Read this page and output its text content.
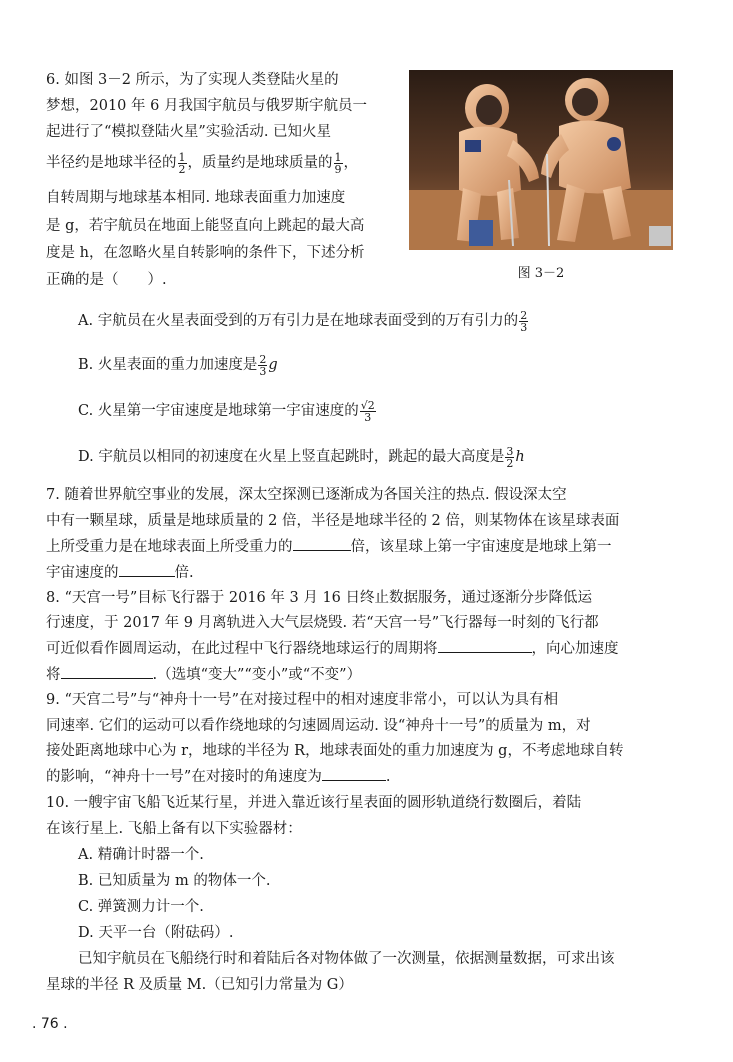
6. 如图 3－2 所示，为了实现人类登陆火星的
梦想，2010 年 6 月我国宇航员与俄罗斯宇航员一
起进行了“模拟登陆火星”实验活动. 已知火星
半径约是地球半径的 $\frac{1}{2}$ ，质量约是地球质量的 $\frac{1}{9}$ ，
自转周期与地球基本相同. 地球表面重力加速度
是 g，若宇航员在地面上能竖直向上跳起的最大高
度是 h，在忽略火星自转影响的条件下，下述分析
正确的是（　　）.	图 3－2
A. 宇航员在火星表面受到的万有引力是在地球表面受到的万有引力的 $\frac{2}{3}$
B. 火星表面的重力加速度是 $\frac{2}{3}$ g
C. 火星第一宇宙速度是地球第一宇宙速度的 $\frac{√2}{3}$
D. 宇航员以相同的初速度在火星上竖直起跳时，跳起的最大高度是 $\frac{3}{2}$ h
7. 随着世界航空事业的发展，深太空探测已逐渐成为各国关注的热点. 假设深太空
中有一颗星球，质量是地球质量的 2 倍，半径是地球半径的 2 倍，则某物体在该星球表面
上所受重力是在地球表面上所受重力的	倍，该星球上第一宇宙速度是地球上第一
宇宙速度的	倍.
8. “天宫一号”目标飞行器于 2016 年 3 月 16 日终止数据服务，通过逐渐分步降低运
行速度，于 2017 年 9 月离轨进入大气层烧毁. 若“天宫一号”飞行器每一时刻的飞行都
可近似看作圆周运动，在此过程中飞行器绕地球运行的周期将	，向心加速度
将	.（选填“变大”“变小”或“不变”）
9. “天宫二号”与“神舟十一号”在对接过程中的相对速度非常小，可以认为具有相
同速率. 它们的运动可以看作绕地球的匀速圆周运动. 设“神舟十一号”的质量为 m，对
接处距离地球中心为 r，地球的半径为 R，地球表面处的重力加速度为 g，不考虑地球自转
的影响，“神舟十一号”在对接时的角速度为	.
10. 一艘宇宙飞船飞近某行星，并进入靠近该行星表面的圆形轨道绕行数圈后，着陆
在该行星上. 飞船上备有以下实验器材：
A. 精确计时器一个.
B. 已知质量为 m 的物体一个.
C. 弹簧测力计一个.
D. 天平一台（附砝码）.
已知宇航员在飞船绕行时和着陆后各对物体做了一次测量，依据测量数据，可求出该
星球的半径 R 及质量 M.（已知引力常量为 G）
. 76 .
